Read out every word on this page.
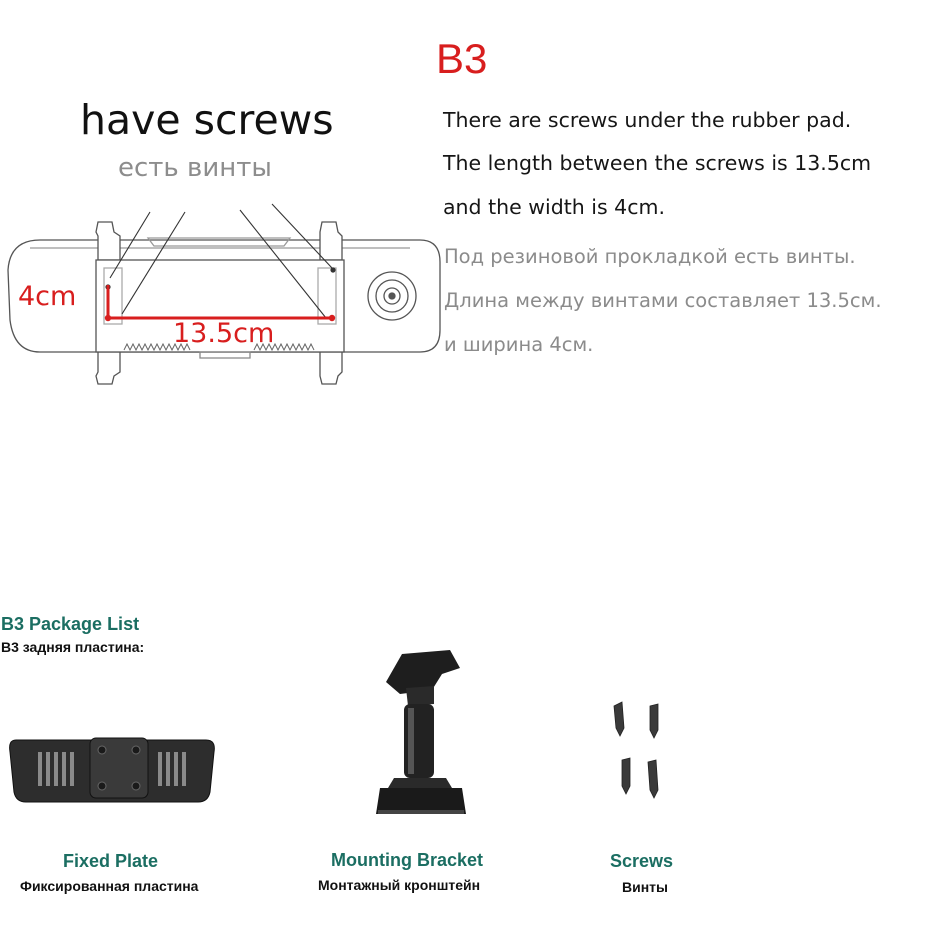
B3
have screws
есть винты
4cm
13.5cm
There are screws under the rubber pad.
The length between the screws is 13.5cm
and the width is 4cm.
Под резиновой прокладкой есть винты.
Длина между винтами составляет 13.5см.
и ширина 4см.
B3 Package List
B3 задняя пластина:
Fixed Plate
Фиксированная пластина
Mounting Bracket
Монтажный кронштейн
Screws
Винты
